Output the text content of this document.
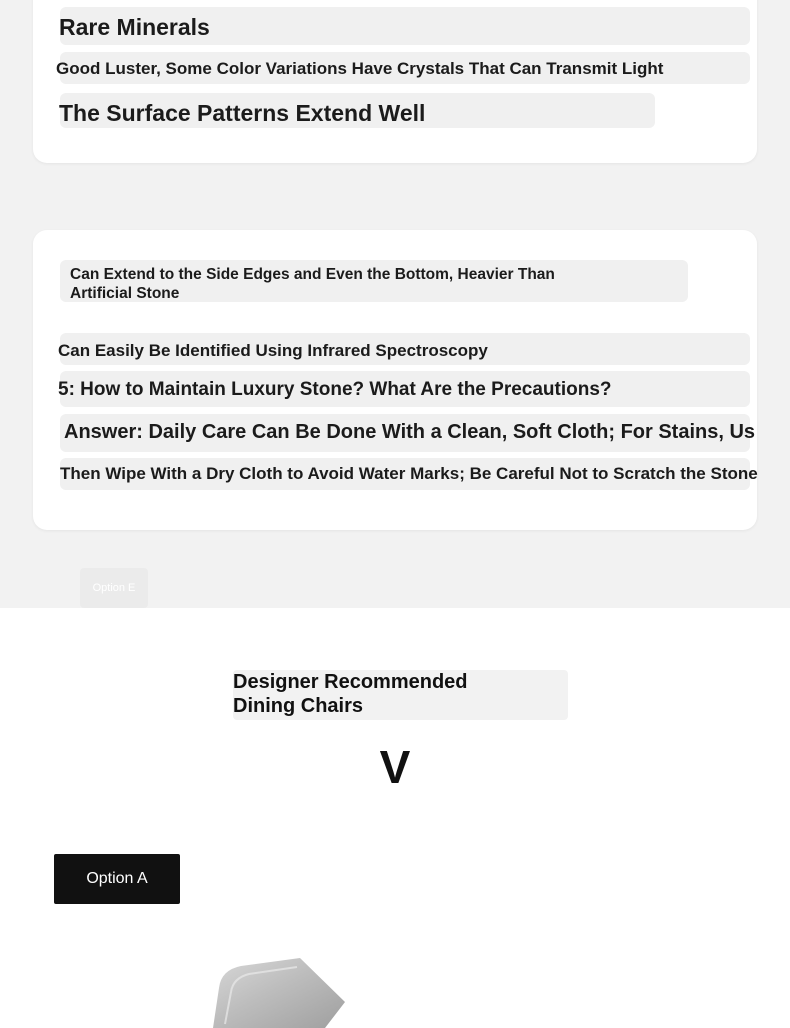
Rare Minerals
Good Luster, Some Color Variations Have Crystals That Can Transmit Light
The Surface Patterns Extend Well
Can Extend to the Side Edges and Even the Bottom, Heavier Than Artificial Stone
Can Easily Be Identified Using Infrared Spectroscopy
5: How to Maintain Luxury Stone? What Are the Precautions?
Answer: Daily Care Can Be Done With a Clean, Soft Cloth; For Stains, Us
Then Wipe With a Dry Cloth to Avoid Water Marks; Be Careful Not to Scratch the Stone
Option E
Designer Recommended Dining Chairs
V
Option A
